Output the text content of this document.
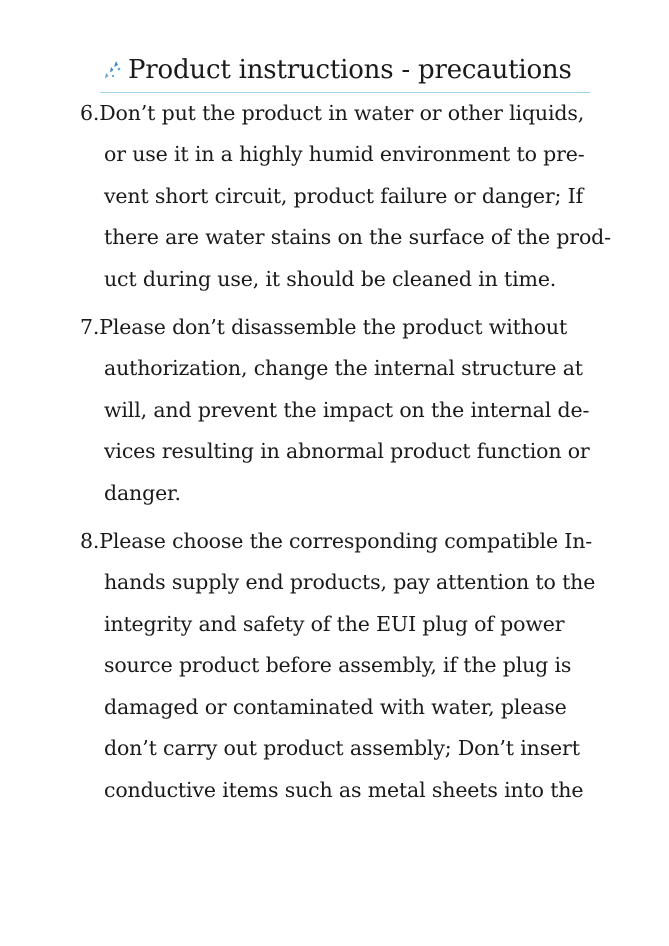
Product instructions - precautions

6.Don’t put the product in water or other liquids,
or use it in a highly humid environment to pre-
vent short circuit, product failure or danger; If
there are water stains on the surface of the prod-
uct during use, it should be cleaned in time.

7.Please don’t disassemble the product without
authorization, change the internal structure at
will, and prevent the impact on the internal de-
vices resulting in abnormal product function or
danger.

8.Please choose the corresponding compatible In-
hands supply end products, pay attention to the
integrity and safety of the EUI plug of power
source product before assembly, if the plug is
damaged or contaminated with water, please
don’t carry out product assembly; Don’t insert
conductive items such as metal sheets into the
